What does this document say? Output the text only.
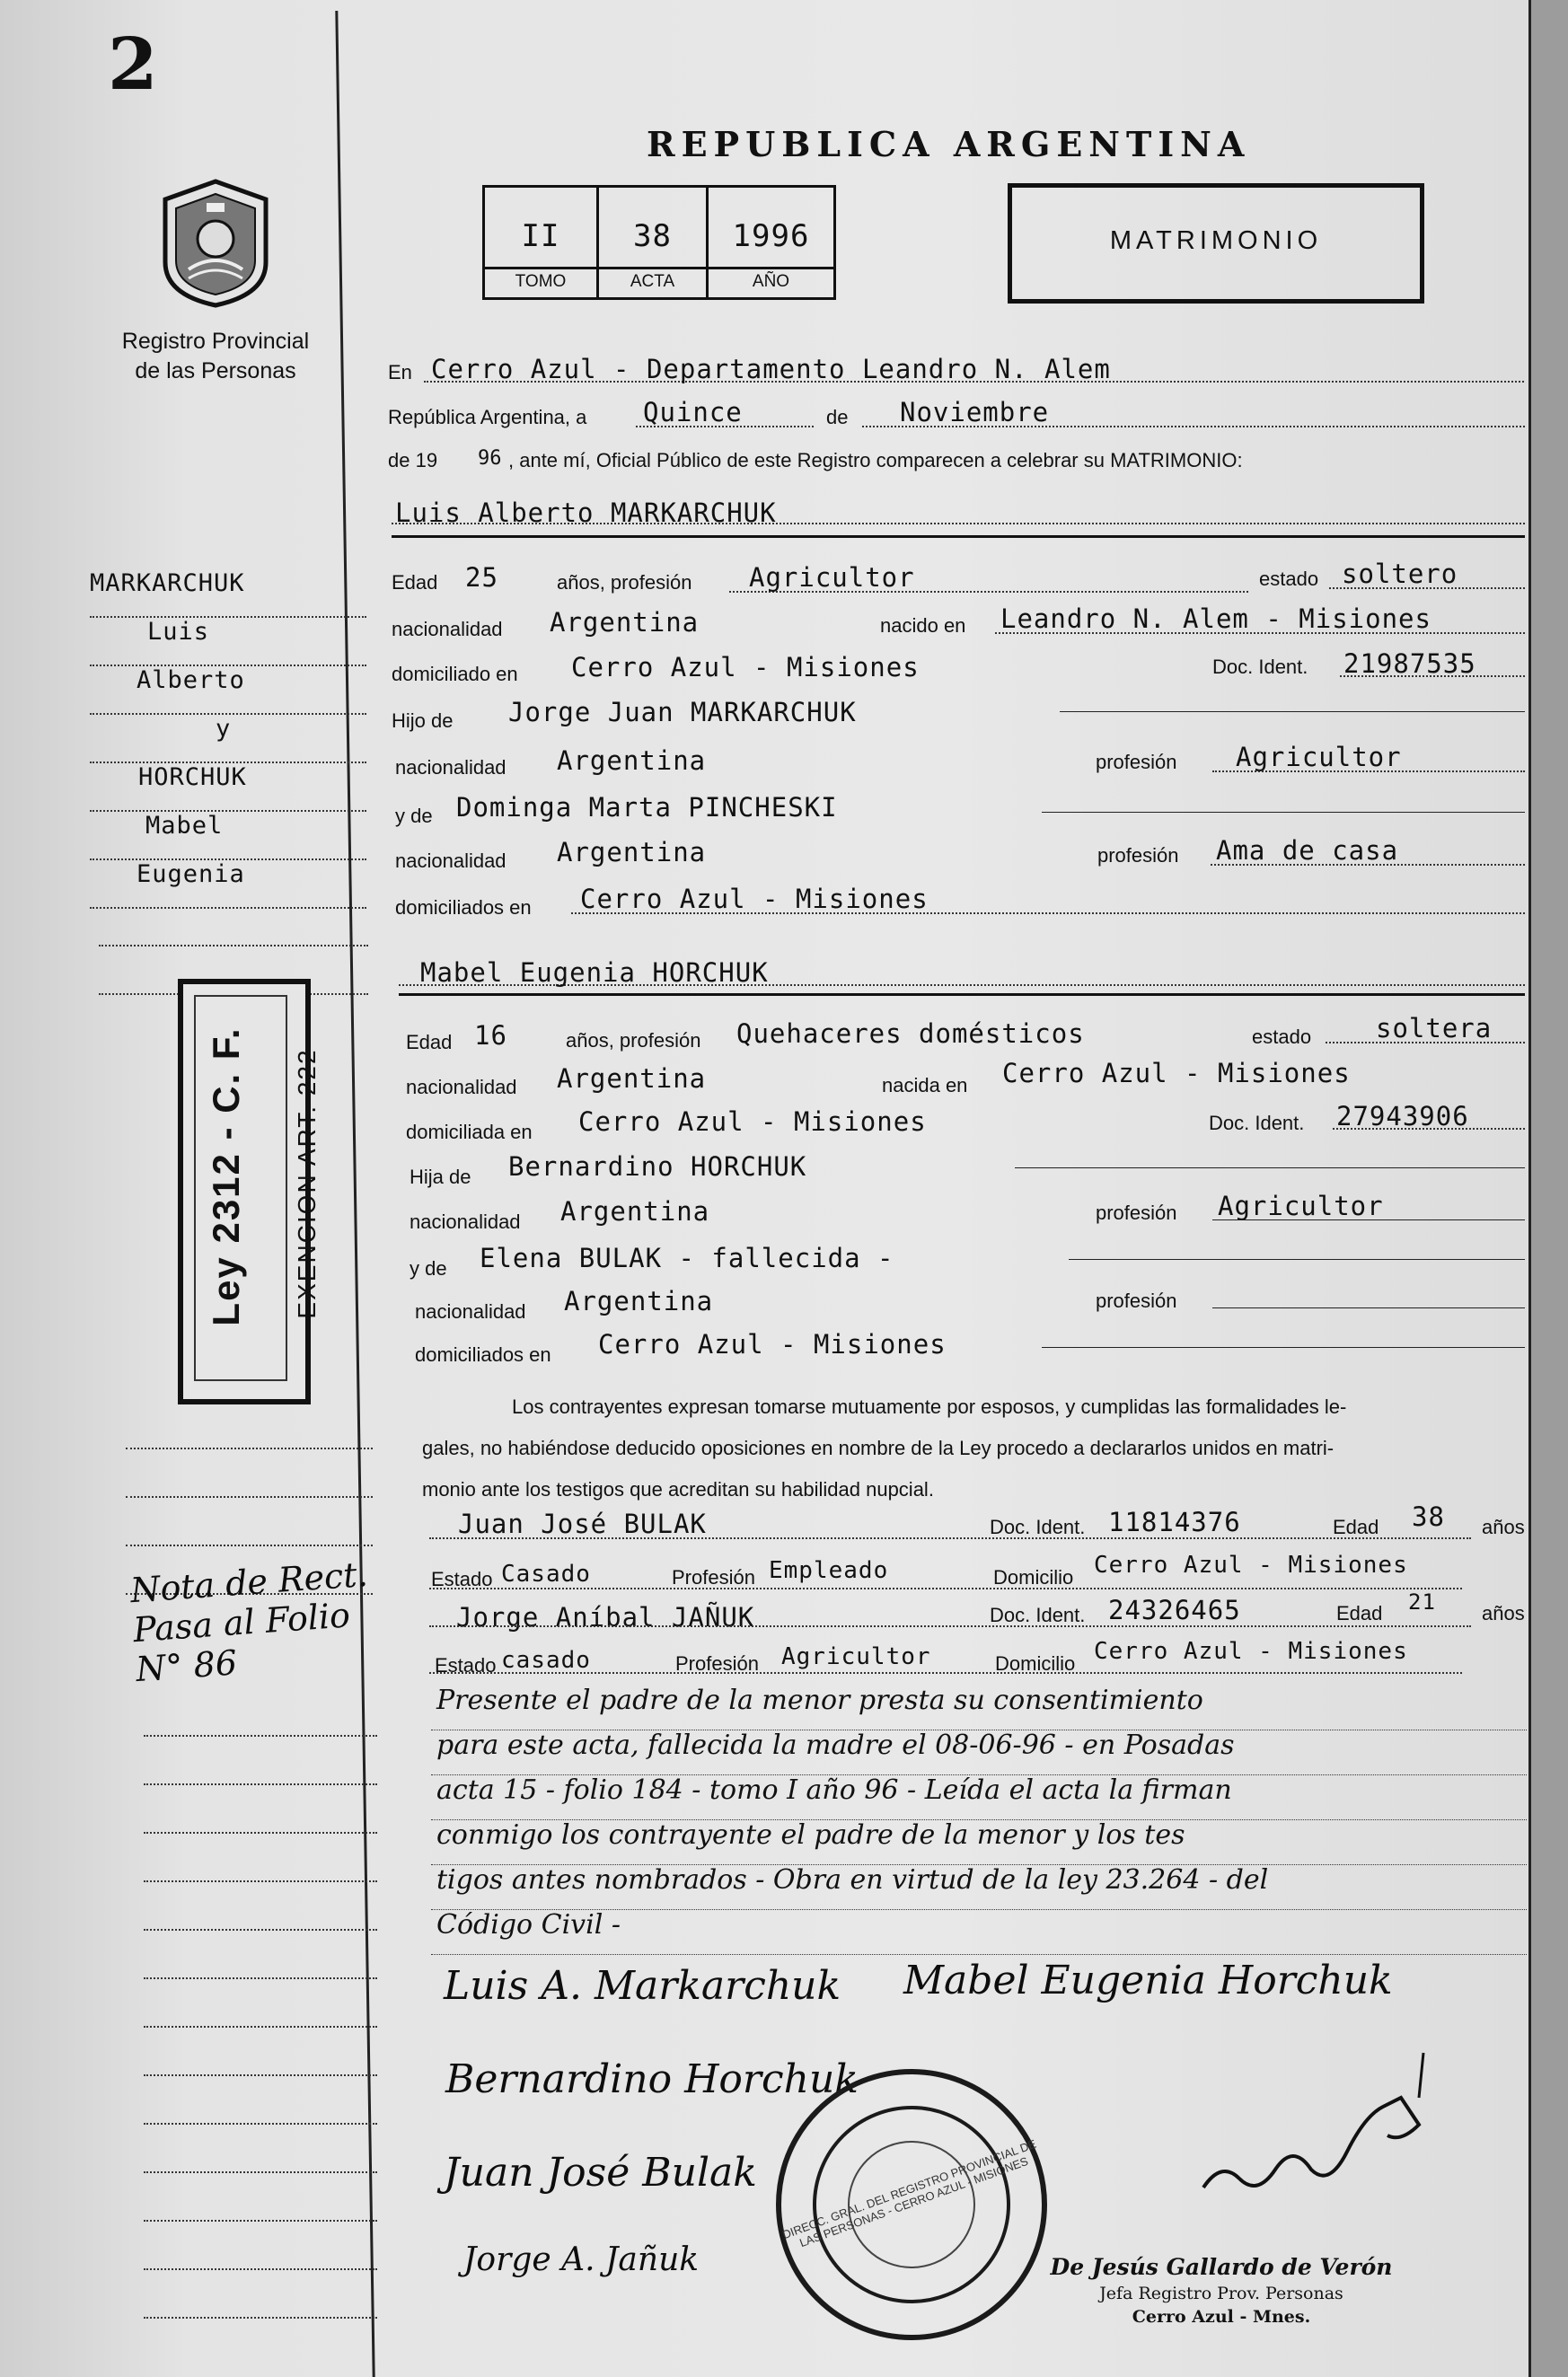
2
REPUBLICA ARGENTINA
Registro Provincial
de las Personas
II	38	1996
TOMO	ACTA	AÑO
MATRIMONIO
En Cerro Azul - Departamento Leandro N. Alem
República Argentina, a Quince	de Noviembre
de 19 96 , ante mí, Oficial Público de este Registro comparecen a celebrar su MATRIMONIO:
Luis Alberto MARKARCHUK
Edad 25	años, profesión Agricultor	estado soltero
nacionalidad Argentina	nacido en Leandro N. Alem - Misiones
domiciliado en Cerro Azul - Misiones	Doc. Ident. 21987535
Hijo de Jorge Juan MARKARCHUK
nacionalidad Argentina	profesión Agricultor
y de Dominga Marta PINCHESKI
nacionalidad Argentina	profesión Ama de casa
domiciliados en Cerro Azul - Misiones
Mabel Eugenia HORCHUK
Edad 16	años, profesión Quehaceres domésticos	estado soltera
nacionalidad Argentina	nacida en Cerro Azul - Misiones
domiciliada en Cerro Azul - Misiones	Doc. Ident. 27943906
Hija de Bernardino HORCHUK
nacionalidad Argentina	profesión Agricultor
y de Elena BULAK - fallecida -
nacionalidad Argentina	profesión
domiciliados en Cerro Azul - Misiones
Los contrayentes expresan tomarse mutuamente por esposos, y cumplidas las formalidades le-
gales, no habiéndose deducido oposiciones en nombre de la Ley procedo a declararlos unidos en matri-
monio ante los testigos que acreditan su habilidad nupcial.
Juan José BULAK	Doc. Ident. 11814376	Edad 38 años
Estado Casado	Profesión Empleado	Domicilio Cerro Azul - Misiones
Jorge Aníbal JAÑUK	Doc. Ident. 24326465	Edad 21 años
Estado casado	Profesión Agricultor	Domicilio Cerro Azul - Misiones
Presente el padre de la menor presta su consentimiento
para este acta, fallecida la madre el 08-06-96 - en Posadas
acta 15 - folio 184 - tomo I año 96 - Leída el acta la firman
conmigo los contrayente el padre de la menor y los tes
tigos antes nombrados - Obra en virtud de la ley 23.264 - del
Código Civil -
Luis A. Markarchuk Mabel Eugenia Horchuk
Bernardino Horchuk
Juan José Bulak
Jorge A. Jañuk
DIRECC. GRAL. DEL REGISTRO PROVINCIAL DE LAS PERSONAS - CERRO AZUL - MISIONES
De Jesús Gallardo de Verón
Jefa Registro Prov. Personas
Cerro Azul - Mnes.
MARKARCHUK
Luis
Alberto
y
HORCHUK
Mabel
Eugenia
Ley 2312 - C. F. EXENCION ART. 222
Nota de Rect.
Pasa al Folio
N° 86
